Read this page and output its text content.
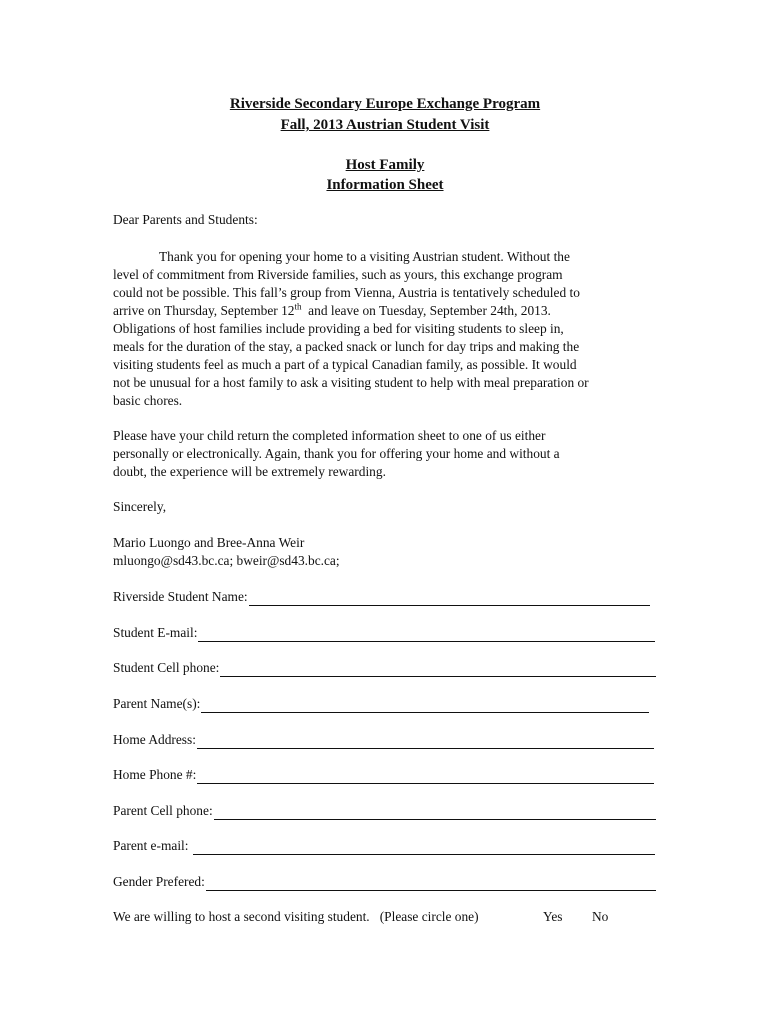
Riverside Secondary Europe Exchange Program
Fall, 2013 Austrian Student Visit
Host Family
Information Sheet
Dear Parents and Students:
Thank you for opening your home to a visiting Austrian student. Without the
level of commitment from Riverside families, such as yours, this exchange program
could not be possible. This fall’s group from Vienna, Austria is tentatively scheduled to
arrive on Thursday, September 12th  and leave on Tuesday, September 24th, 2013.
Obligations of host families include providing a bed for visiting students to sleep in,
meals for the duration of the stay, a packed snack or lunch for day trips and making the
visiting students feel as much a part of a typical Canadian family, as possible. It would
not be unusual for a host family to ask a visiting student to help with meal preparation or
basic chores.
Please have your child return the completed information sheet to one of us either
personally or electronically. Again, thank you for offering your home and without a
doubt, the experience will be extremely rewarding.
Sincerely,
Mario Luongo and Bree-Anna Weir
mluongo@sd43.bc.ca; bweir@sd43.bc.ca;
Riverside Student Name:
Student E-mail:
Student Cell phone:
Parent Name(s):
Home Address:
Home Phone #:
Parent Cell phone:
Parent e-mail:
Gender Prefered:
We are willing to host a second visiting student.   (Please circle one)	Yes No
